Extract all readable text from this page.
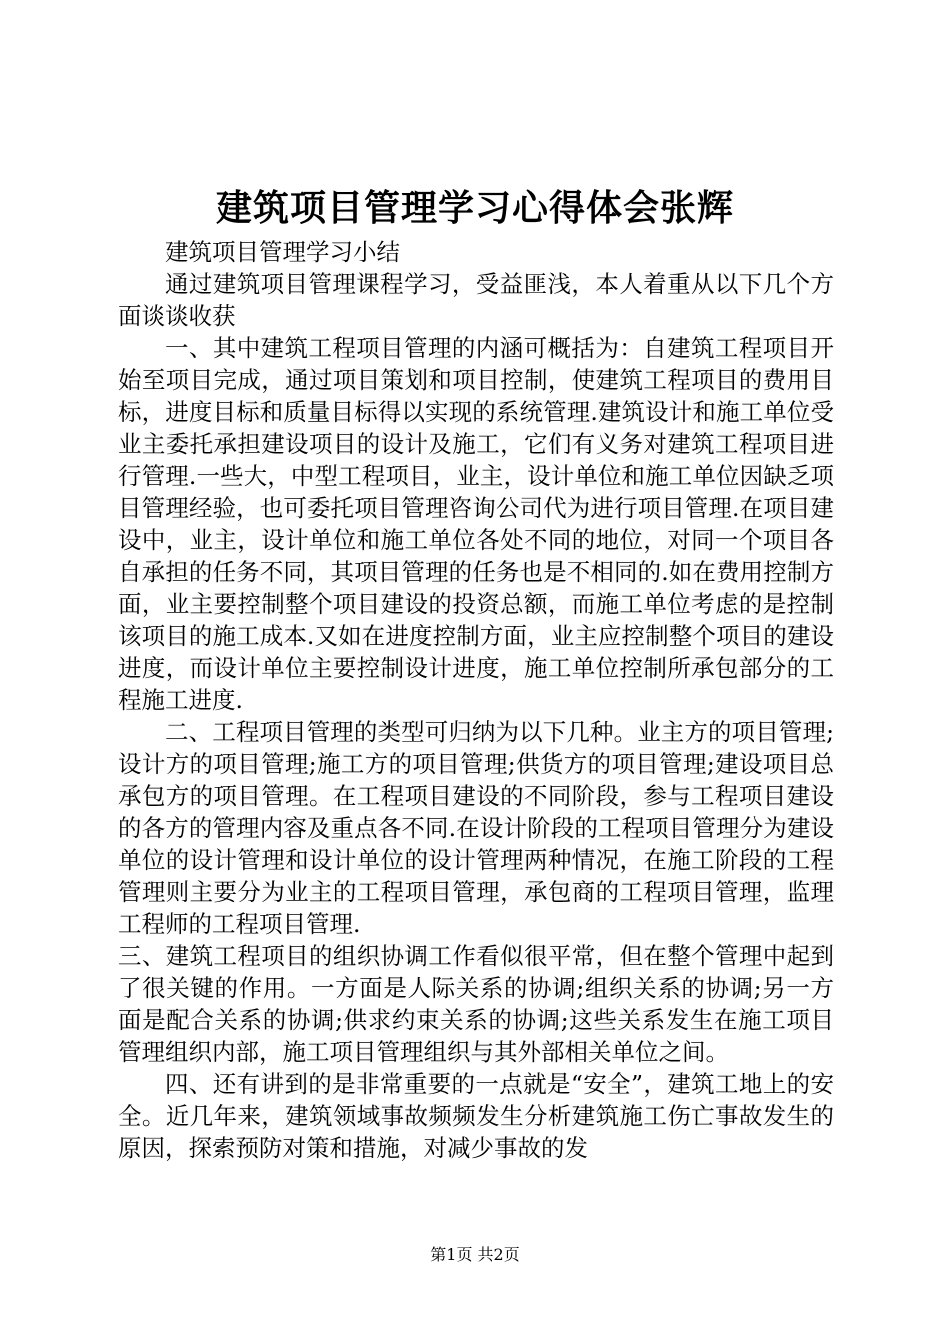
建筑项目管理学习心得体会张辉

建筑项目管理学习小结

通过建筑项目管理课程学习，受益匪浅，本人着重从以下几个方面谈谈收获

一、其中建筑工程项目管理的内涵可概括为：自建筑工程项目开始至项目完成，通过项目策划和项目控制，使建筑工程项目的费用目标，进度目标和质量目标得以实现的系统管理.建筑设计和施工单位受业主委托承担建设项目的设计及施工，它们有义务对建筑工程项目进行管理.一些大，中型工程项目，业主，设计单位和施工单位因缺乏项目管理经验，也可委托项目管理咨询公司代为进行项目管理.在项目建设中，业主，设计单位和施工单位各处不同的地位，对同一个项目各自承担的任务不同，其项目管理的任务也是不相同的.如在费用控制方面，业主要控制整个项目建设的投资总额，而施工单位考虑的是控制该项目的施工成本.又如在进度控制方面，业主应控制整个项目的建设进度，而设计单位主要控制设计进度，施工单位控制所承包部分的工程施工进度.

二、工程项目管理的类型可归纳为以下几种。业主方的项目管理;设计方的项目管理;施工方的项目管理;供货方的项目管理;建设项目总承包方的项目管理。在工程项目建设的不同阶段，参与工程项目建设的各方的管理内容及重点各不同.在设计阶段的工程项目管理分为建设单位的设计管理和设计单位的设计管理两种情况，在施工阶段的工程管理则主要分为业主的工程项目管理，承包商的工程项目管理，监理工程师的工程项目管理.

三、建筑工程项目的组织协调工作看似很平常，但在整个管理中起到了很关键的作用。一方面是人际关系的协调;组织关系的协调;另一方面是配合关系的协调;供求约束关系的协调;这些关系发生在施工项目管理组织内部，施工项目管理组织与其外部相关单位之间。

四、还有讲到的是非常重要的一点就是“安全”，建筑工地上的安全。近几年来，建筑领域事故频频发生分析建筑施工伤亡事故发生的原因，探索预防对策和措施，对减少事故的发

第1页 共2页
